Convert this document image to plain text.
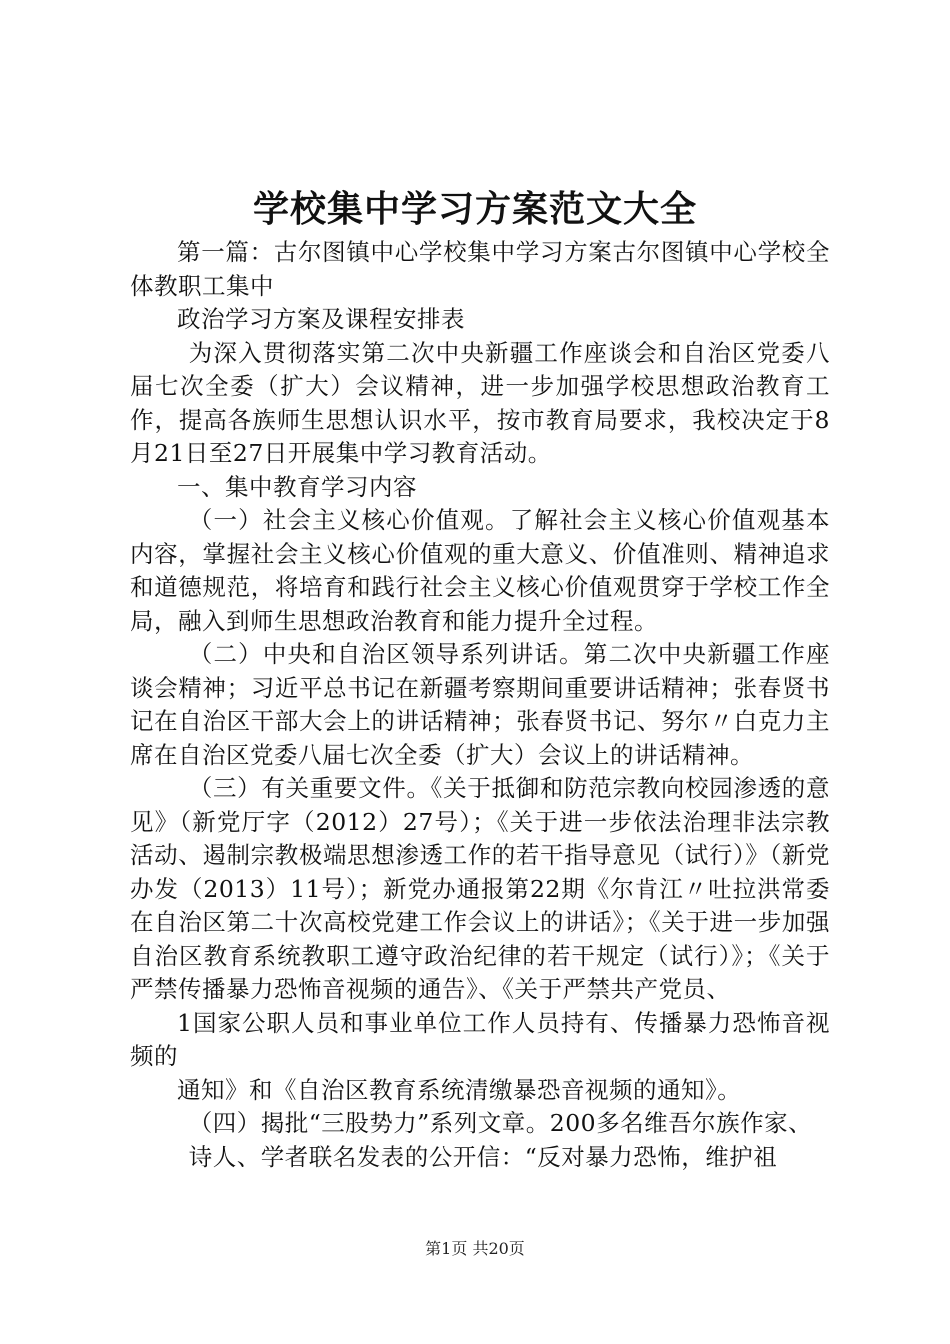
学校集中学习方案范文大全

第一篇：古尔图镇中心学校集中学习方案古尔图镇中心学校全体教职工集中

政治学习方案及课程安排表

为深入贯彻落实第二次中央新疆工作座谈会和自治区党委八届七次全委（扩大）会议精神，进一步加强学校思想政治教育工作，提高各族师生思想认识水平，按市教育局要求，我校决定于8月21日至27日开展集中学习教育活动。

一、集中教育学习内容

（一）社会主义核心价值观。了解社会主义核心价值观基本内容，掌握社会主义核心价值观的重大意义、价值准则、精神追求和道德规范，将培育和践行社会主义核心价值观贯穿于学校工作全局，融入到师生思想政治教育和能力提升全过程。

（二）中央和自治区领导系列讲话。第二次中央新疆工作座谈会精神；习近平总书记在新疆考察期间重要讲话精神；张春贤书记在自治区干部大会上的讲话精神；张春贤书记、努尔〃白克力主席在自治区党委八届七次全委（扩大）会议上的讲话精神。

（三）有关重要文件。《关于抵御和防范宗教向校园渗透的意见》（新党厅字（2012）27号）；《关于进一步依法治理非法宗教活动、遏制宗教极端思想渗透工作的若干指导意见（试行）》（新党办发（2013）11号）；新党办通报第22期《尔肯江〃吐拉洪常委在自治区第二十次高校党建工作会议上的讲话》；《关于进一步加强自治区教育系统教职工遵守政治纪律的若干规定（试行）》；《关于严禁传播暴力恐怖音视频的通告》、《关于严禁共产党员、

1国家公职人员和事业单位工作人员持有、传播暴力恐怖音视频的

通知》和《自治区教育系统清缴暴恐音视频的通知》。

（四）揭批“三股势力”系列文章。200多名维吾尔族作家、

诗人、学者联名发表的公开信：“反对暴力恐怖，维护祖

第1页 共20页
